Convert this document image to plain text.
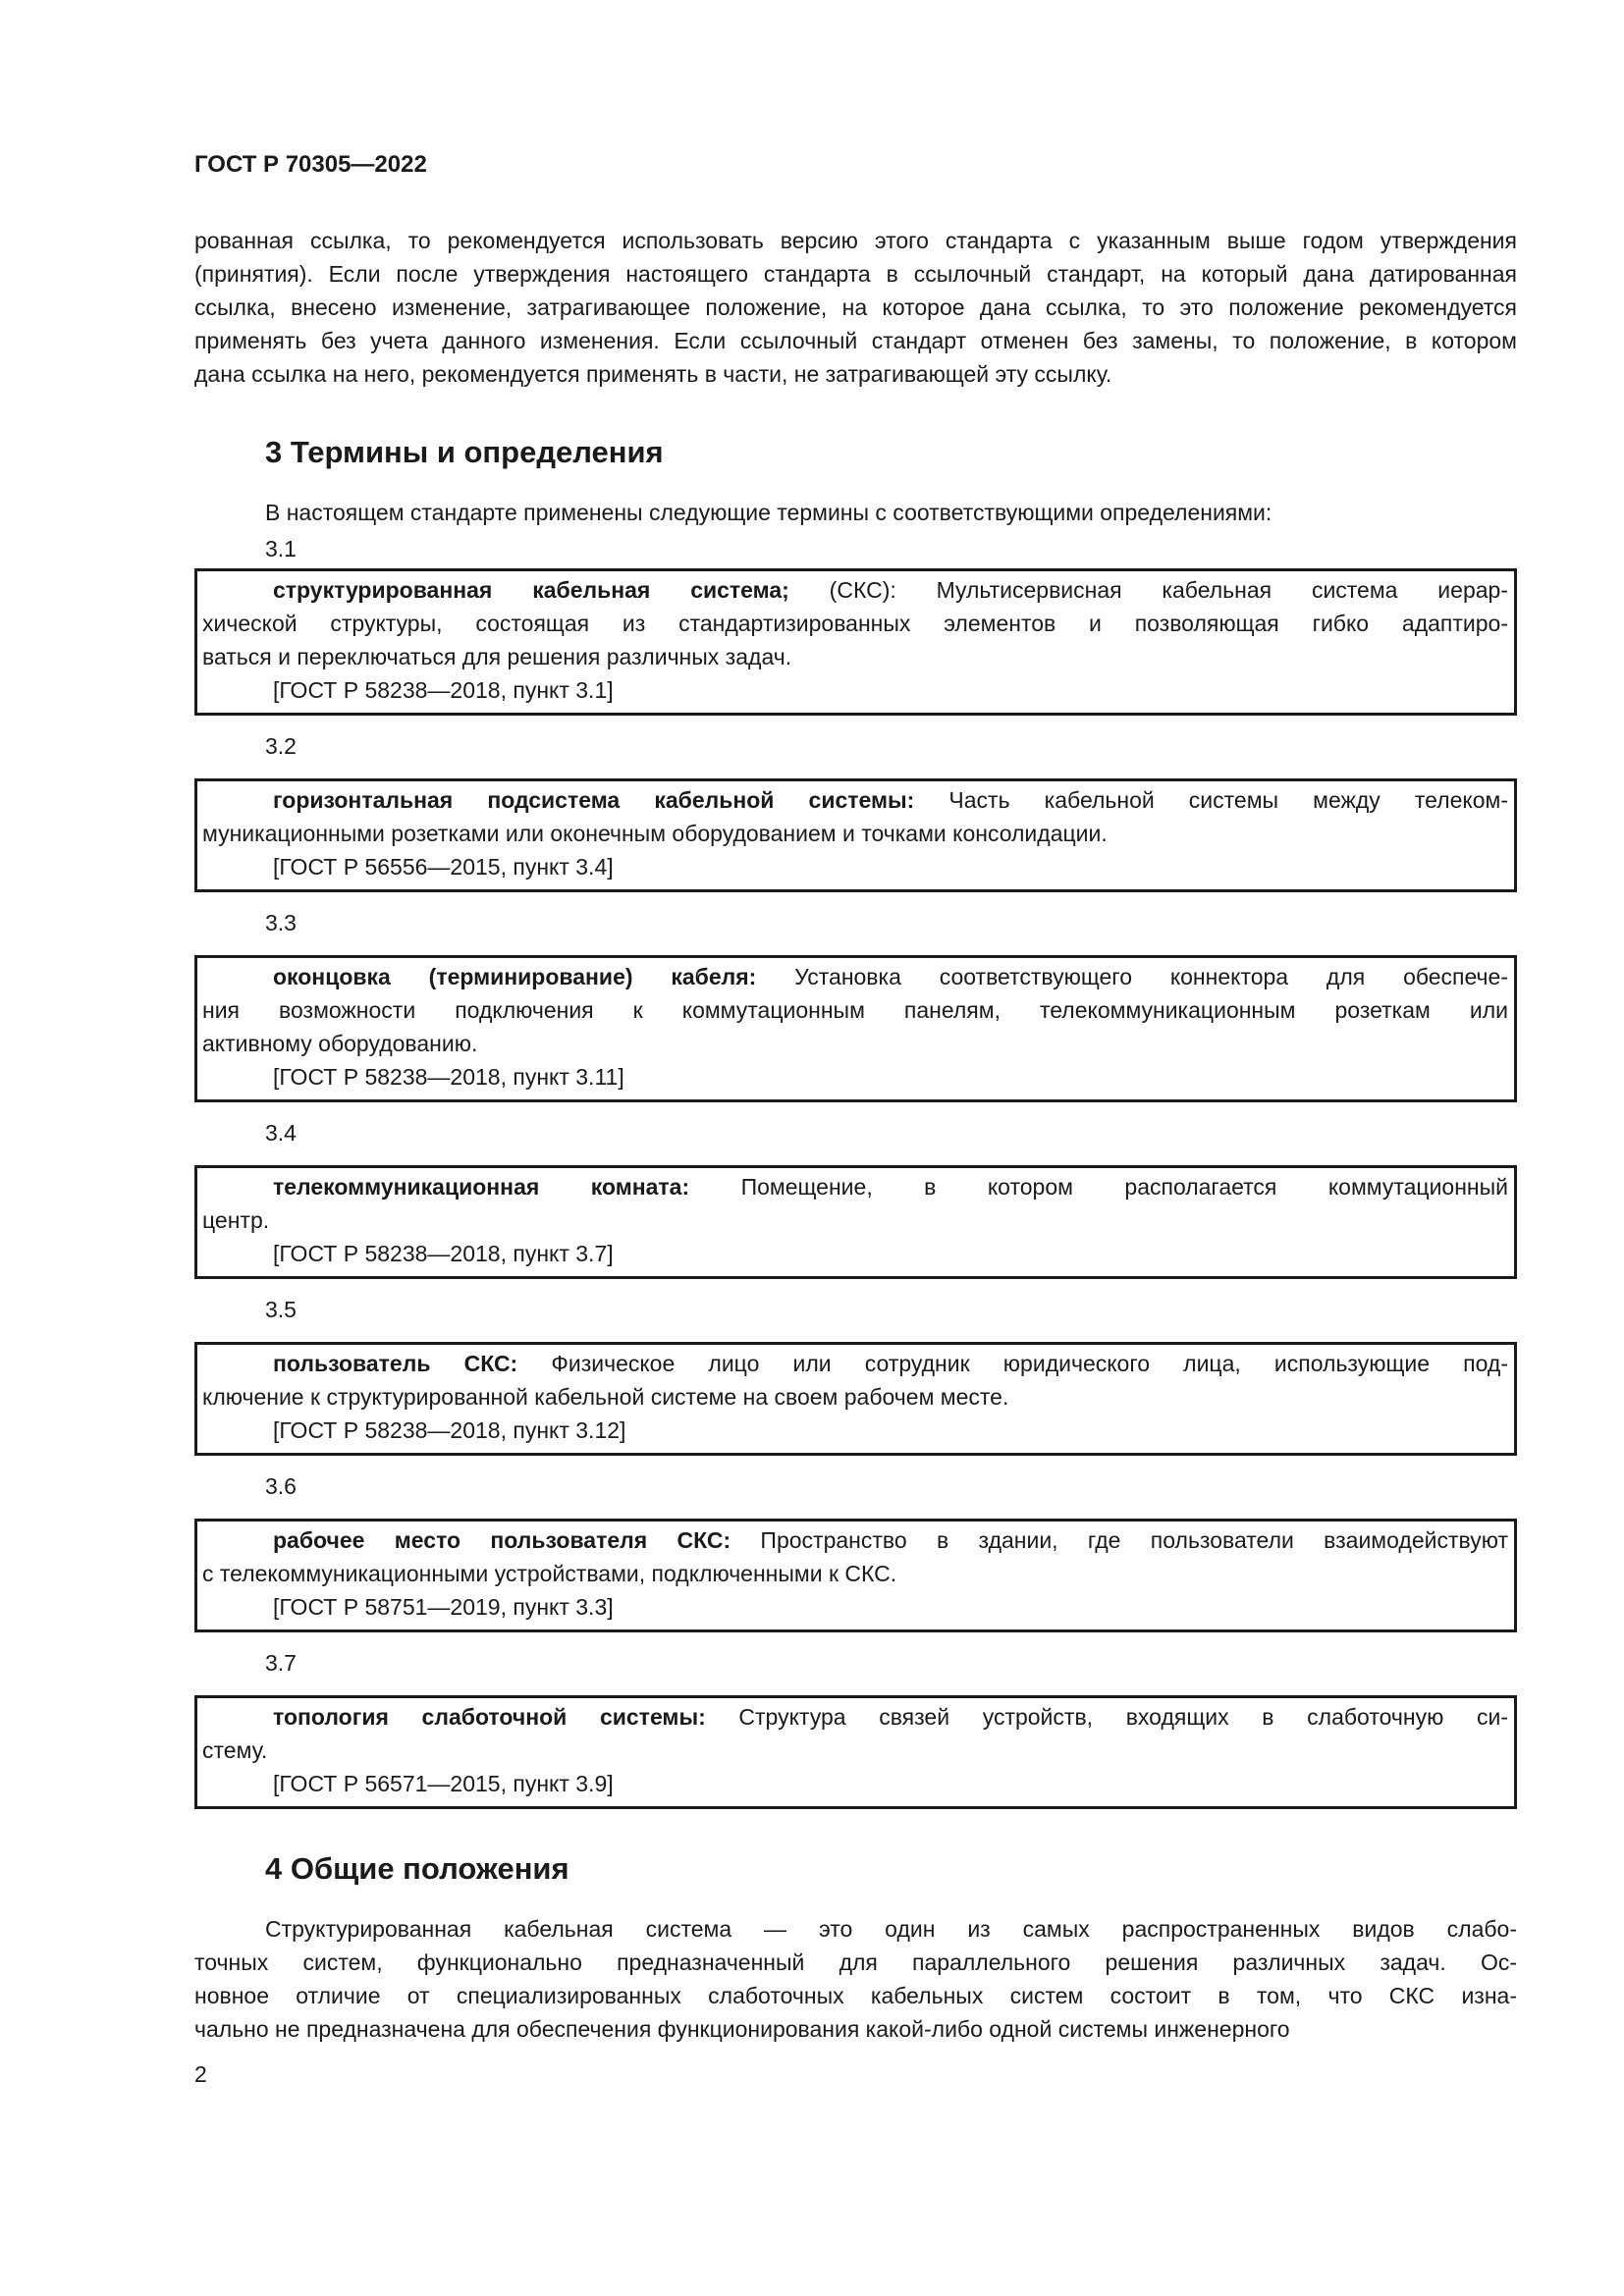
ГОСТ Р 70305—2022
рованная ссылка, то рекомендуется использовать версию этого стандарта с указанным выше годом утверждения
(принятия). Если после утверждения настоящего стандарта в ссылочный стандарт, на который дана датированная
ссылка, внесено изменение, затрагивающее положение, на которое дана ссылка, то это положение рекомендуется
применять без учета данного изменения. Если ссылочный стандарт отменен без замены, то положение, в котором
дана ссылка на него, рекомендуется применять в части, не затрагивающей эту ссылку.
3 Термины и определения
В настоящем стандарте применены следующие термины с соответствующими определениями:
3.1
структурированная кабельная система; (СКС): Мультисервисная кабельная система иерар-
хической структуры, состоящая из стандартизированных элементов и позволяющая гибко адаптиро-
ваться и переключаться для решения различных задач.
[ГОСТ Р 58238—2018, пункт 3.1]
3.2
горизонтальная подсистема кабельной системы: Часть кабельной системы между телеком-
муникационными розетками или оконечным оборудованием и точками консолидации.
[ГОСТ Р 56556—2015, пункт 3.4]
3.3
оконцовка (терминирование) кабеля: Установка соответствующего коннектора для обеспече-
ния возможности подключения к коммутационным панелям, телекоммуникационным розеткам или
активному оборудованию.
[ГОСТ Р 58238—2018, пункт 3.11]
3.4
телекоммуникационная комната: Помещение, в котором располагается коммутационный
центр.
[ГОСТ Р 58238—2018, пункт 3.7]
3.5
пользователь СКС: Физическое лицо или сотрудник юридического лица, использующие под-
ключение к структурированной кабельной системе на своем рабочем месте.
[ГОСТ Р 58238—2018, пункт 3.12]
3.6
рабочее место пользователя СКС: Пространство в здании, где пользователи взаимодействуют
с телекоммуникационными устройствами, подключенными к СКС.
[ГОСТ Р 58751—2019, пункт 3.3]
3.7
топология слаботочной системы: Структура связей устройств, входящих в слаботочную си-
стему.
[ГОСТ Р 56571—2015, пункт 3.9]
4 Общие положения
Структурированная кабельная система — это один из самых распространенных видов слабо-
точных систем, функционально предназначенный для параллельного решения различных задач. Ос-
новное отличие от специализированных слаботочных кабельных систем состоит в том, что СКС изна-
чально не предназначена для обеспечения функционирования какой-либо одной системы инженерного
2
